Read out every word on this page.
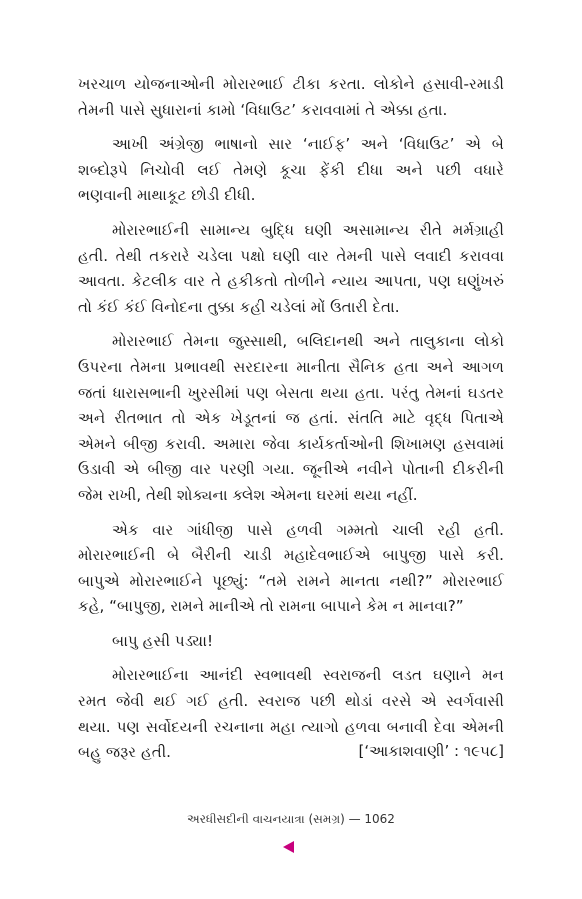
ખરચાળ યોજનાઓની મોરારભાઈ ટીકા કરતા. લોકોને હસાવી-રમાડી
તેમની પાસે સુધારાનાં કામો ‘વિધાઉટ’ કરાવવામાં તે એક્કા હતા.

આખી અંગ્રેજી ભાષાનો સાર ‘નાઈફ’ અને ‘વિધાઉટ’ એ બે
શબ્દોરૂપે નિચોવી લઈ તેમણે કૂચા ફેંકી દીધા અને પછી વધારે
ભણવાની માથાકૂટ છોડી દીધી.

મોરારભાઈની સામાન્ય બુદ્ધિ ઘણી અસામાન્ય રીતે મર્મગ્રાહી
હતી. તેથી તકરારે ચડેલા પક્ષો ઘણી વાર તેમની પાસે લવાદી કરાવવા
આવતા. કેટલીક વાર તે હકીકતો તોળીને ન્યાય આપતા, પણ ઘણુંખરું
તો કંઈ કંઈ વિનોદના તુક્કા કહી ચડેલાં મોં ઉતારી દેતા.

મોરારભાઈ તેમના જુસ્સાથી, બલિદાનથી અને તાલુકાના લોકો
ઉપરના તેમના પ્રભાવથી સરદારના માનીતા સૈનિક હતા અને આગળ
જતાં ધારાસભાની ખુરસીમાં પણ બેસતા થયા હતા. પરંતુ તેમનાં ઘડતર
અને રીતભાત તો એક ખેડૂતનાં જ હતાં. સંતતિ માટે વૃદ્ધ પિતાએ
એમને બીજી કરાવી. અમારા જેવા કાર્યકર્તાઓની શિખામણ હસવામાં
ઉડાવી એ બીજી વાર પરણી ગયા. જૂનીએ નવીને પોતાની દીકરીની
જેમ રાખી, તેથી શોક્યના ક્લેશ એમના ઘરમાં થયા નહીં.

એક વાર ગાંધીજી પાસે હળવી ગમ્મતો ચાલી રહી હતી.
મોરારભાઈની બે બૈરીની ચાડી મહાદેવભાઈએ બાપુજી પાસે કરી.
બાપુએ મોરારભાઈને પૂછ્યું: “તમે રામને માનતા નથી?” મોરારભાઈ
કહે, “બાપુજી, રામને માનીએ તો રામના બાપાને કેમ ન માનવા?”

બાપુ હસી પડ્યા!

મોરારભાઈના આનંદી સ્વભાવથી સ્વરાજની લડત ઘણાને મન
રમત જેવી થઈ ગઈ હતી. સ્વરાજ પછી થોડાં વરસે એ સ્વર્ગવાસી
થયા. પણ સર્વોદયની રચનાના મહા ત્યાગો હળવા બનાવી દેવા એમની
બહુ જરૂર હતી.	[‘આકાશવાણી’ : ૧૯૫૮]
અરધીસદીની વાચનયાત્રા (સમગ્ર) — 1062
